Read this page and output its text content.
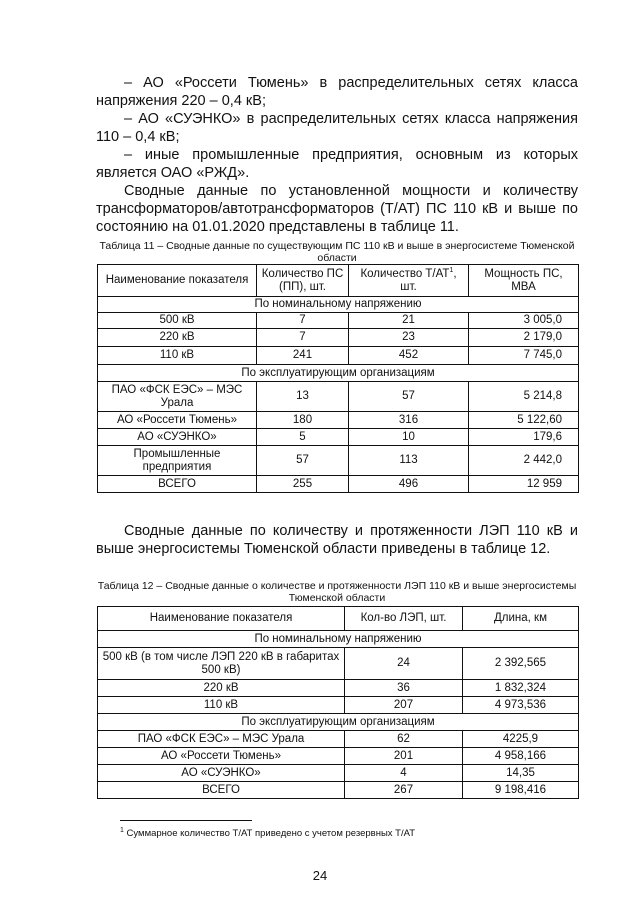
– АО «Россети Тюмень» в распределительных сетях класса напряжения 220 – 0,4 кВ;
– АО «СУЭНКО» в распределительных сетях класса напряжения 110 – 0,4 кВ;
– иные промышленные предприятия, основным из которых является ОАО «РЖД».
Сводные данные по установленной мощности и количеству трансформаторов/автотрансформаторов (Т/АТ) ПС 110 кВ и выше по состоянию на 01.01.2020 представлены в таблице 11.
Таблица 11 – Сводные данные по существующим ПС 110 кВ и выше в энергосистеме Тюменской области
Наименование показателя	Количество ПС (ПП), шт.	Количество $Т/АТ^1$, шт.	Мощность ПС, МВА
По номинальному напряжению			
500 кВ	7	21	3 005,0
220 кВ	7	23	2 179,0
110 кВ	241	452	7 745,0
По эксплуатирующим организациям			
ПАО «ФСК ЕЭС» – МЭС Урала	13	57	5 214,8
АО «Россети Тюмень»	180	316	5 122,60
АО «СУЭНКО»	5	10	179,6
Промышленные предприятия	57	113	2 442,0
ВСЕГО	255	496	12 959
Сводные данные по количеству и протяженности ЛЭП 110 кВ и выше энергосистемы Тюменской области приведены в таблице 12.
Таблица 12 – Сводные данные о количестве и протяженности ЛЭП 110 кВ и выше энергосистемы Тюменской области
Наименование показателя	Кол-во ЛЭП, шт.	Длина, км
По номинальному напряжению		
500 кВ (в том числе ЛЭП 220 кВ в габаритах 500 кВ)	24	2 392,565
220 кВ	36	1 832,324
110 кВ	207	4 973,536
По эксплуатирующим организациям		
ПАО «ФСК ЕЭС» – МЭС Урала	62	4225,9
АО «Россети Тюмень»	201	4 958,166
АО «СУЭНКО»	4	14,35
ВСЕГО	267	9 198,416
$^1$ Суммарное количество Т/АТ приведено с учетом резервных Т/АТ
24
